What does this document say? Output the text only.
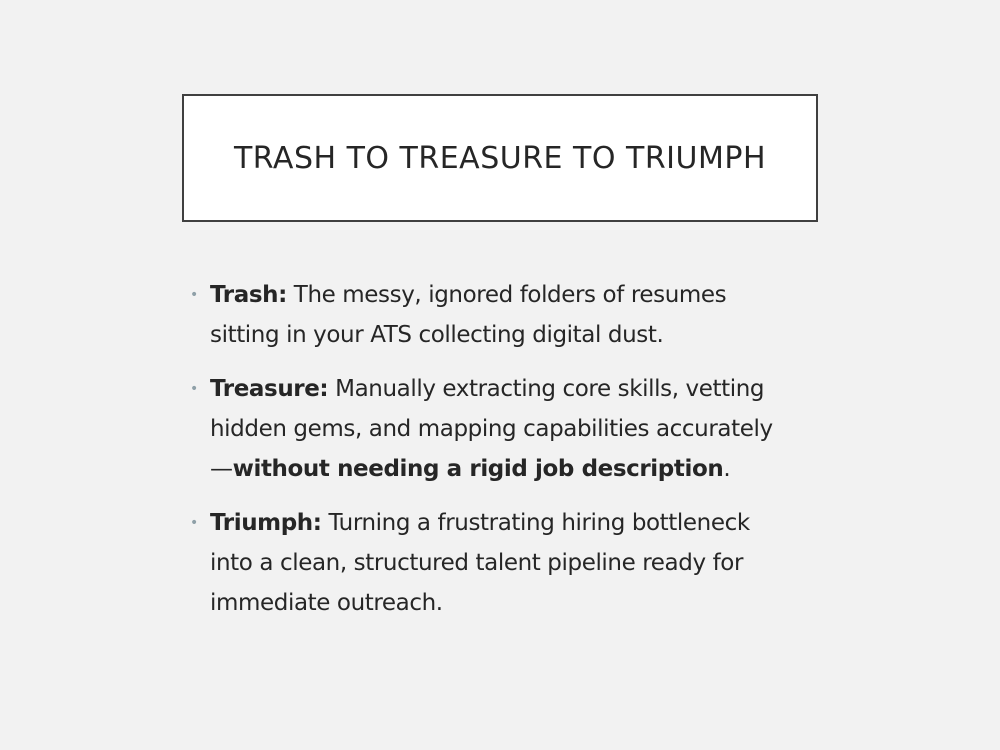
TRASH TO TREASURE TO TRIUMPH
• Trash: The messy, ignored folders of resumes sitting in your ATS collecting digital dust.
• Treasure: Manually extracting core skills, vetting hidden gems, and mapping capabilities accurately—without needing a rigid job description.
• Triumph: Turning a frustrating hiring bottleneck into a clean, structured talent pipeline ready for immediate outreach.
